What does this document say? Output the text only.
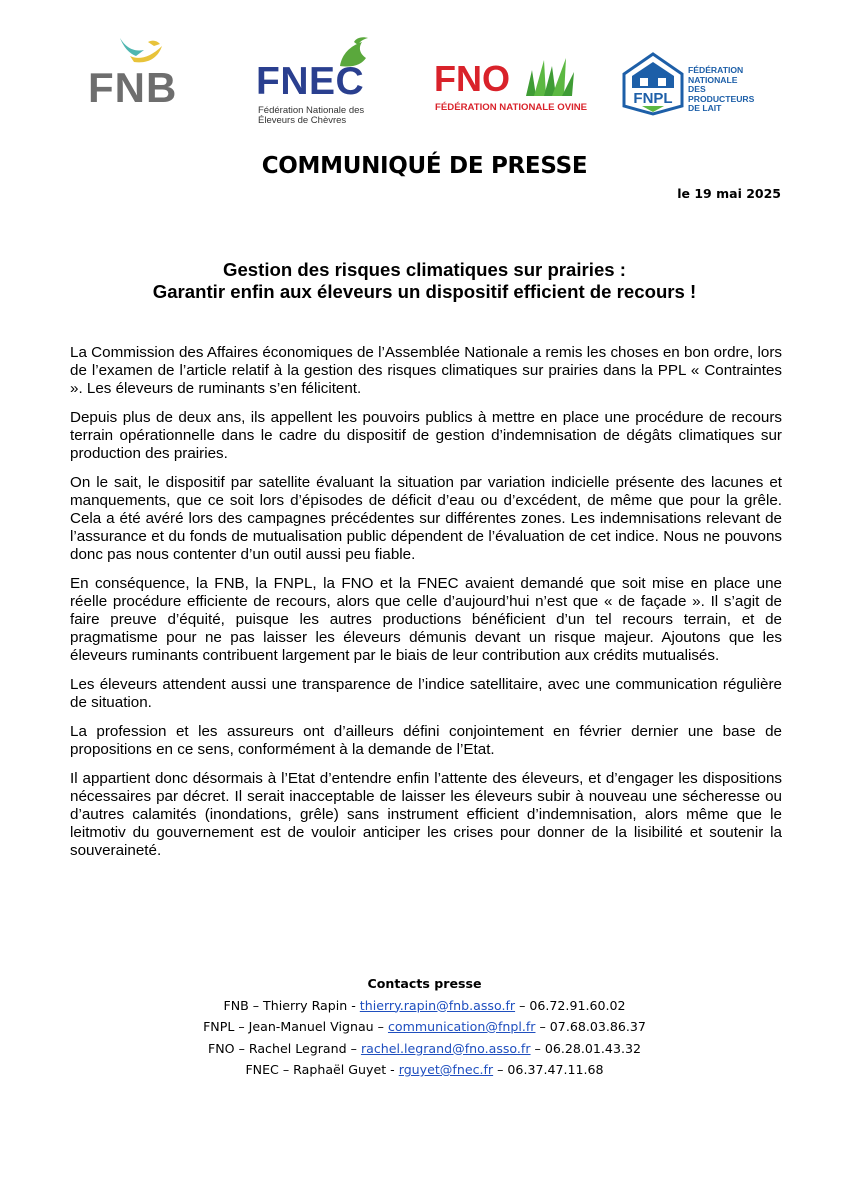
FNB FNEC
Fédération Nationale des Éleveurs de Chèvres
FNO
FÉDÉRATION NATIONALE OVINE
FNPL
FÉDÉRATION
NATIONALE
DES PRODUCTEURS
DE LAIT
COMMUNIQUÉ DE PRESSE
le 19 mai 2025
Gestion des risques climatiques sur prairies :
Garantir enfin aux éleveurs un dispositif efficient de recours !

La Commission des Affaires économiques de l’Assemblée Nationale a remis les choses en bon ordre, lors de l’examen de l’article relatif à la gestion des risques climatiques sur prairies dans la PPL « Contraintes ». Les éleveurs de ruminants s’en félicitent.

Depuis plus de deux ans, ils appellent les pouvoirs publics à mettre en place une procédure de recours terrain opérationnelle dans le cadre du dispositif de gestion d’indemnisation de dégâts climatiques sur production des prairies.

On le sait, le dispositif par satellite évaluant la situation par variation indicielle présente des lacunes et manquements, que ce soit lors d’épisodes de déficit d’eau ou d’excédent, de même que pour la grêle. Cela a été avéré lors des campagnes précédentes sur différentes zones. Les indemnisations relevant de l’assurance et du fonds de mutualisation public dépendent de l’évaluation de cet indice. Nous ne pouvons donc pas nous contenter d’un outil aussi peu fiable.

En conséquence, la FNB, la FNPL, la FNO et la FNEC avaient demandé que soit mise en place une réelle procédure efficiente de recours, alors que celle d’aujourd’hui n’est que « de façade ». Il s’agit de faire preuve d’équité, puisque les autres productions bénéficient d’un tel recours terrain, et de pragmatisme pour ne pas laisser les éleveurs démunis devant un risque majeur. Ajoutons que les éleveurs ruminants contribuent largement par le biais de leur contribution aux crédits mutualisés.

Les éleveurs attendent aussi une transparence de l’indice satellitaire, avec une communication régulière de situation.

La profession et les assureurs ont d’ailleurs défini conjointement en février dernier une base de propositions en ce sens, conformément à la demande de l’Etat.

Il appartient donc désormais à l’Etat d’entendre enfin l’attente des éleveurs, et d’engager les dispositions nécessaires par décret. Il serait inacceptable de laisser les éleveurs subir à nouveau une sécheresse ou d’autres calamités (inondations, grêle) sans instrument efficient d’indemnisation, alors même que le leitmotiv du gouvernement est de vouloir anticiper les crises pour donner de la lisibilité et soutenir la souveraineté.

Contacts presse
FNB – Thierry Rapin - thierry.rapin@fnb.asso.fr – 06.72.91.60.02
FNPL – Jean-Manuel Vignau – communication@fnpl.fr – 07.68.03.86.37
FNO – Rachel Legrand – rachel.legrand@fno.asso.fr – 06.28.01.43.32
FNEC – Raphaël Guyet - rguyet@fnec.fr – 06.37.47.11.68
